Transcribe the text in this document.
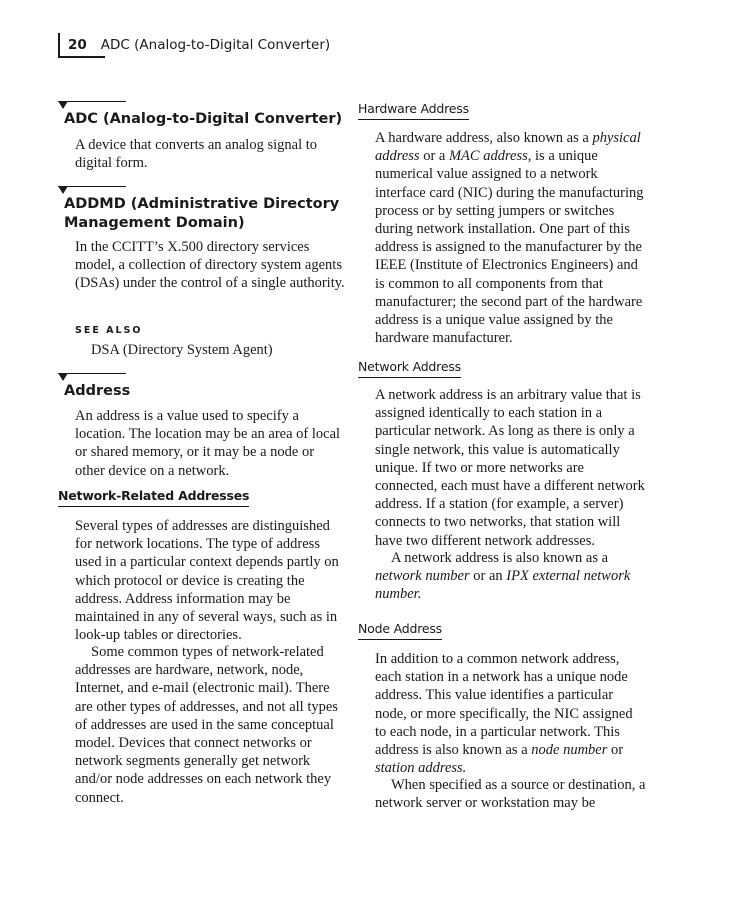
20 ADC (Analog-to-Digital Converter)
ADC (Analog-to-Digital Converter)

A device that converts an analog signal to digital form.

ADDMD (Administrative Directory Management Domain)

In the CCITT’s X.500 directory services model, a collection of directory system agents (DSAs) under the control of a single authority.

SEE ALSO

DSA (Directory System Agent)

Address

An address is a value used to specify a location. The location may be an area of local or shared memory, or it may be a node or other device on a network.

Network-Related Addresses

Several types of addresses are distinguished for network locations. The type of address used in a particular context depends partly on which protocol or device is creating the address. Address information may be maintained in any of several ways, such as in look-up tables or directories.

Some common types of network-related addresses are hardware, network, node, Internet, and e-mail (electronic mail). There are other types of addresses, and not all types of addresses are used in the same conceptual model. Devices that connect networks or network segments generally get network and/or node addresses on each network they connect.

Hardware Address

A hardware address, also known as a physical address or a MAC address, is a unique numerical value assigned to a network interface card (NIC) during the manufacturing process or by setting jumpers or switches during network installation. One part of this address is assigned to the manufacturer by the IEEE (Institute of Electronics Engineers) and is common to all components from that manufacturer; the second part of the hardware address is a unique value assigned by the hardware manufacturer.

Network Address

A network address is an arbitrary value that is assigned identically to each station in a particular network. As long as there is only a single network, this value is automatically unique. If two or more networks are connected, each must have a different network address. If a station (for example, a server) connects to two networks, that station will have two different network addresses.

A network address is also known as a network number or an IPX external network number.

Node Address

In addition to a common network address, each station in a network has a unique node address. This value identifies a particular node, or more specifically, the NIC assigned to each node, in a particular network. This address is also known as a node number or station address.

When specified as a source or destination, a network server or workstation may be
